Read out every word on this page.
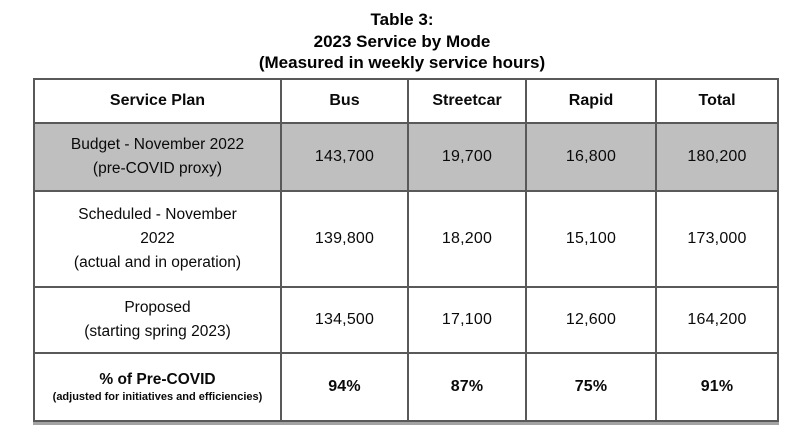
Table 3:
2023 Service by Mode
(Measured in weekly service hours)
Service Plan	Bus	Streetcar	Rapid	Total

Budget - November 2022
(pre-COVID proxy)	143,700	19,700	16,800	180,200

Scheduled - November
2022
(actual and in operation)	139,800	18,200	15,100	173,000

Proposed
(starting spring 2023)	134,500	17,100	12,600	164,200

% of Pre-COVID
(adjusted for initiatives and efficiencies)	94%	87%	75%	91%
